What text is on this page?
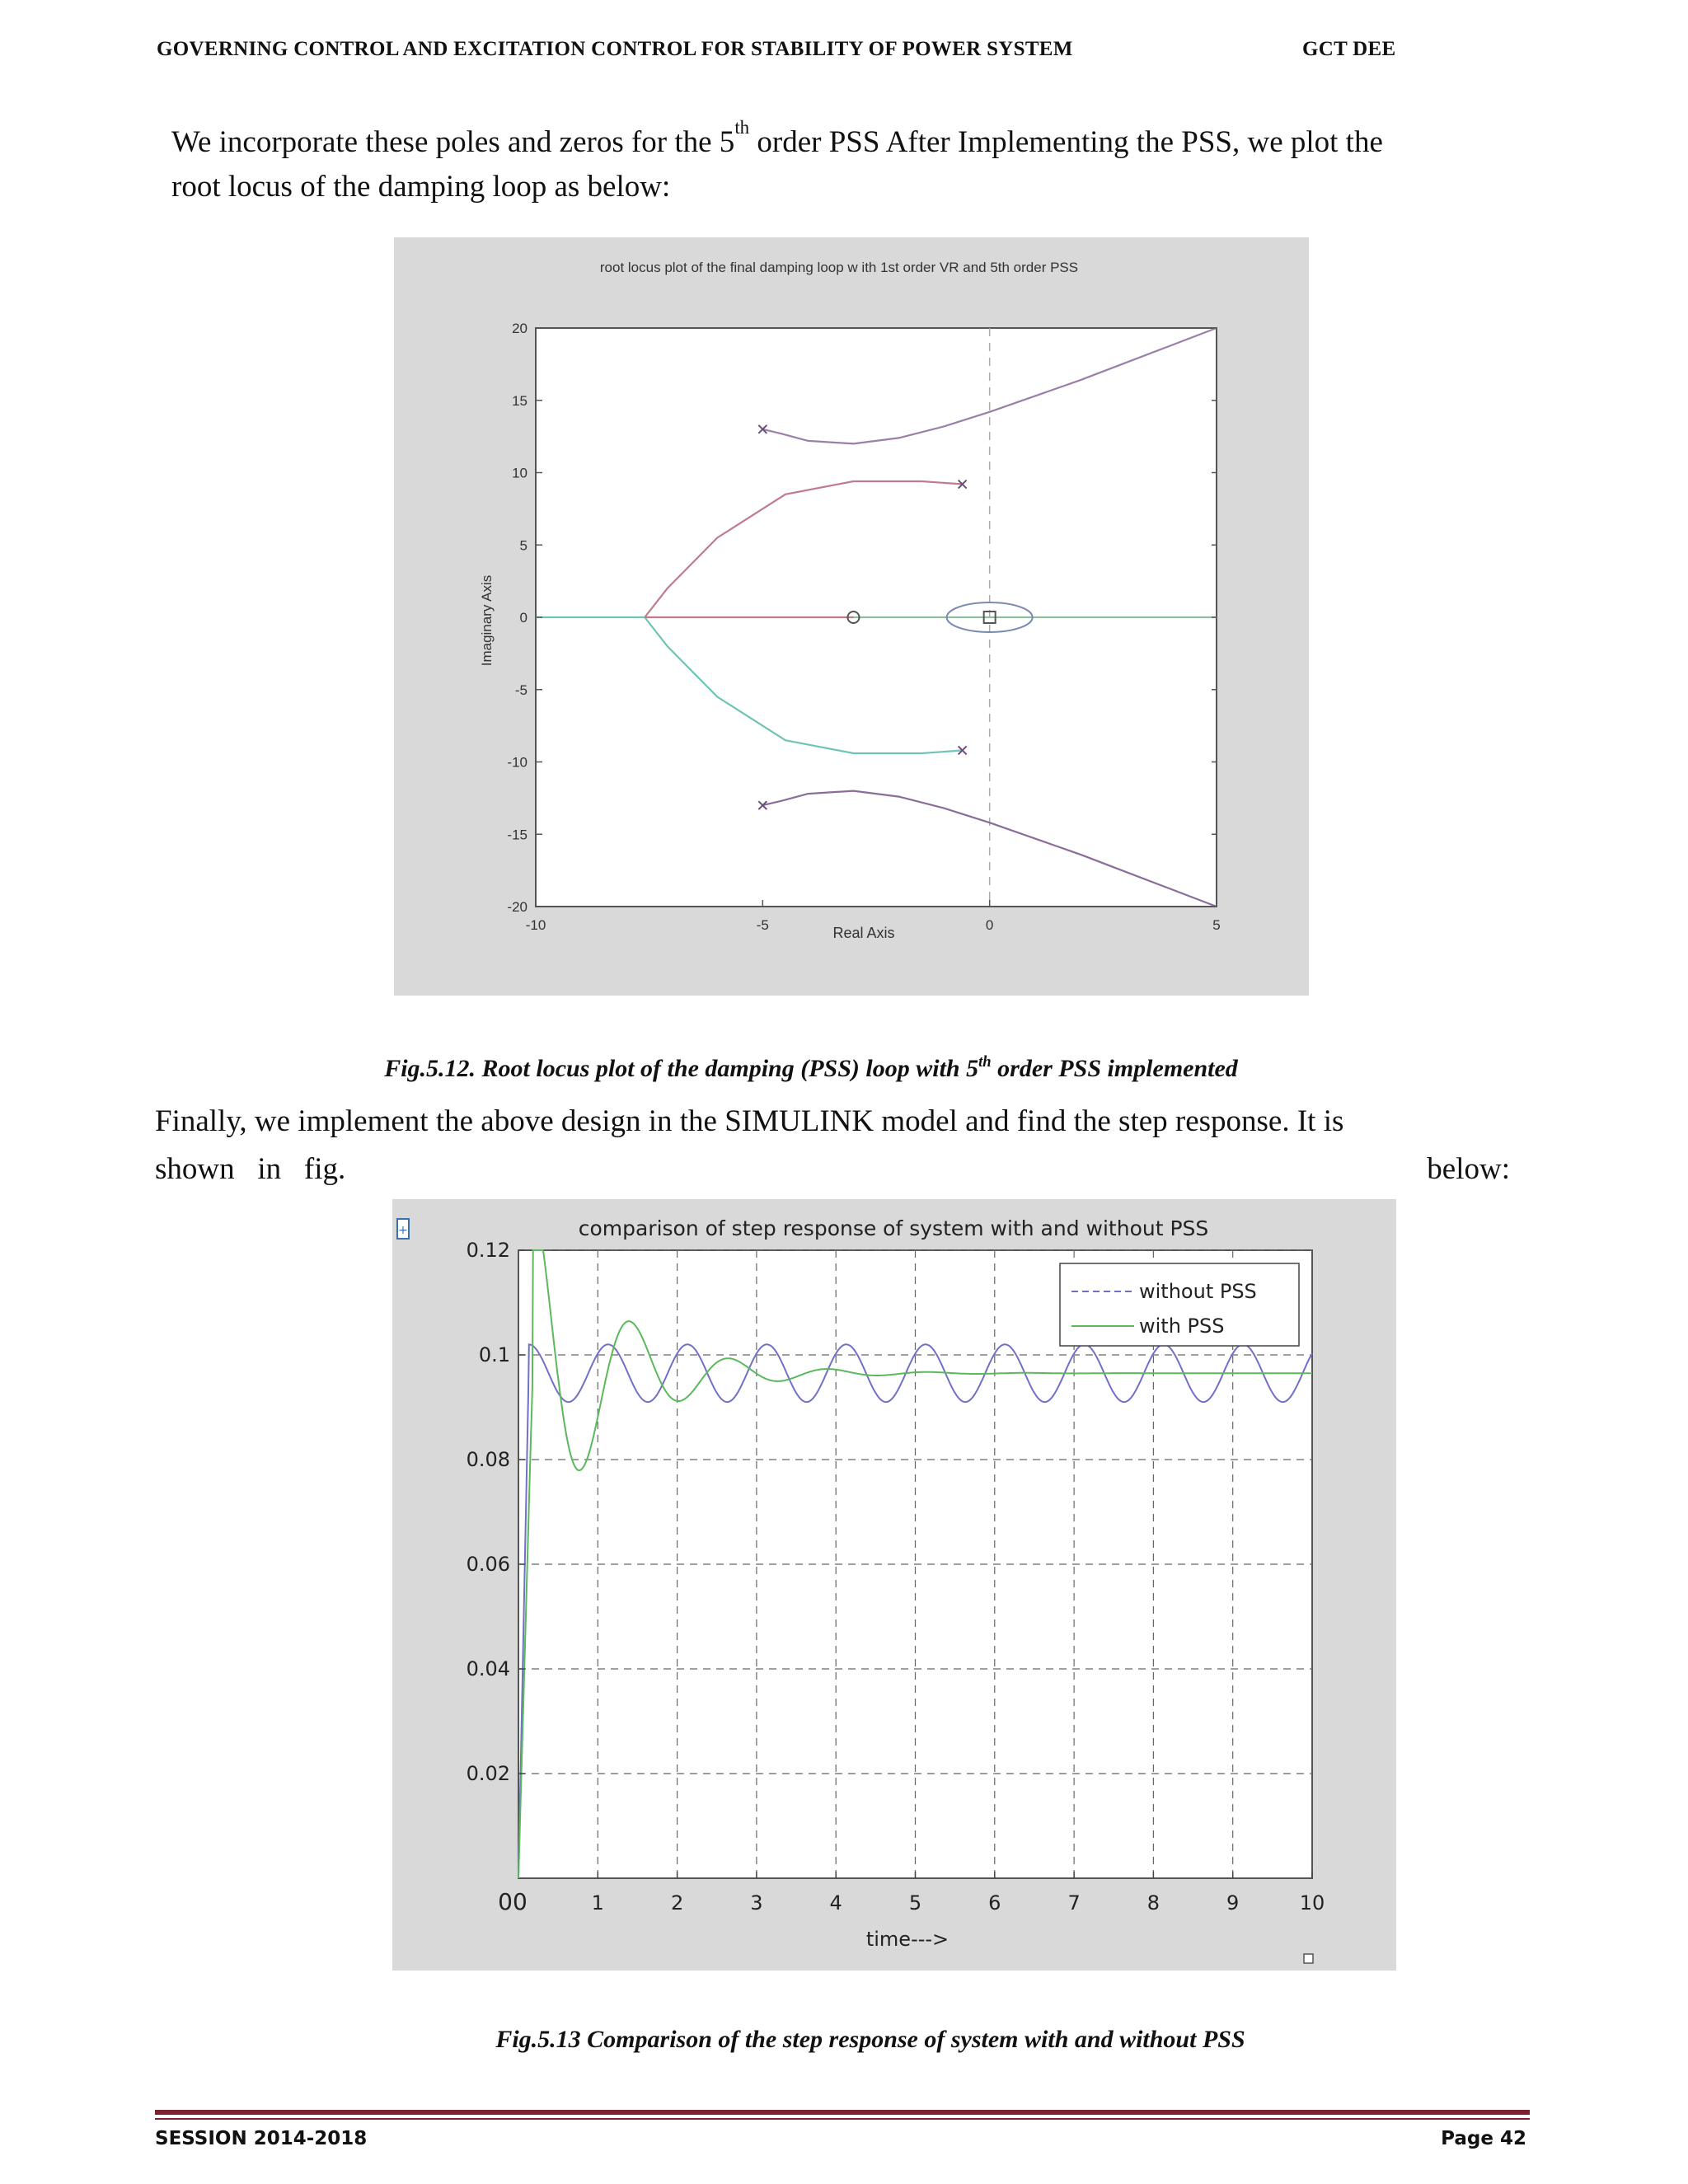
GOVERNING CONTROL AND EXCITATION CONTROL FOR STABILITY OF POWER SYSTEM	GCT DEE
We incorporate these poles and zeros for the 5th order PSS After Implementing the PSS, we plot the
root locus of the damping loop as below:
-10	-5	0	5
20
15
10
5
0
-5
-10
-15
-20
root locus plot of the final damping loop w ith 1st order VR and 5th order PSS
Real Axis
Imaginary Axis
Fig.5.12. Root locus plot of the damping (PSS) loop with 5th order PSS implemented
Finally, we implement the above design in the SIMULINK model and find the step response. It is
shown   in   fig.	below:
+
1	2	3	4	5	6	7	8	9	10
0.12
0.1
0.08
0.06
0.04
0.02
comparison of step response of system with and without PSS
time--->
00
without PSS
with PSS
Fig.5.13 Comparison of the step response of system with and without PSS
SESSION 2014-2018	Page 42
